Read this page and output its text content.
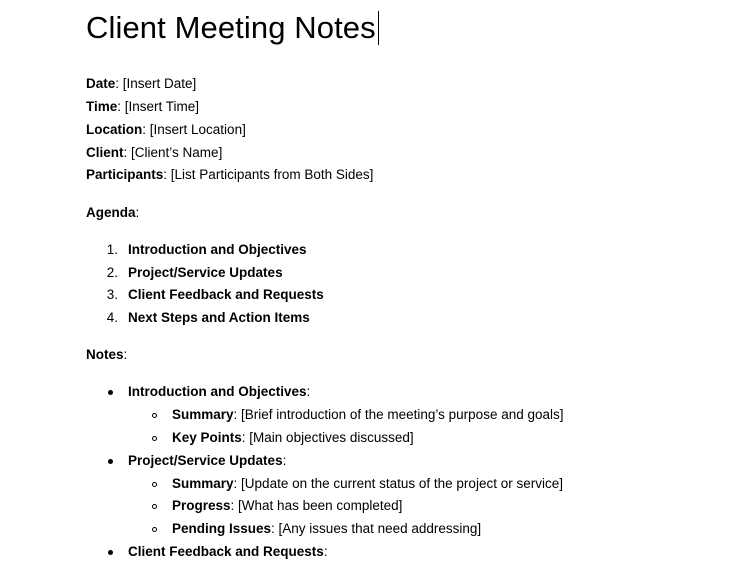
Client Meeting Notes
Date: [Insert Date]
Time: [Insert Time]
Location: [Insert Location]
Client: [Client’s Name]
Participants: [List Participants from Both Sides]
Agenda:
1. Introduction and Objectives
2. Project/Service Updates
3. Client Feedback and Requests
4. Next Steps and Action Items
Notes:
Introduction and Objectives:
Summary: [Brief introduction of the meeting’s purpose and goals]
Key Points: [Main objectives discussed]
Project/Service Updates:
Summary: [Update on the current status of the project or service]
Progress: [What has been completed]
Pending Issues: [Any issues that need addressing]
Client Feedback and Requests:
